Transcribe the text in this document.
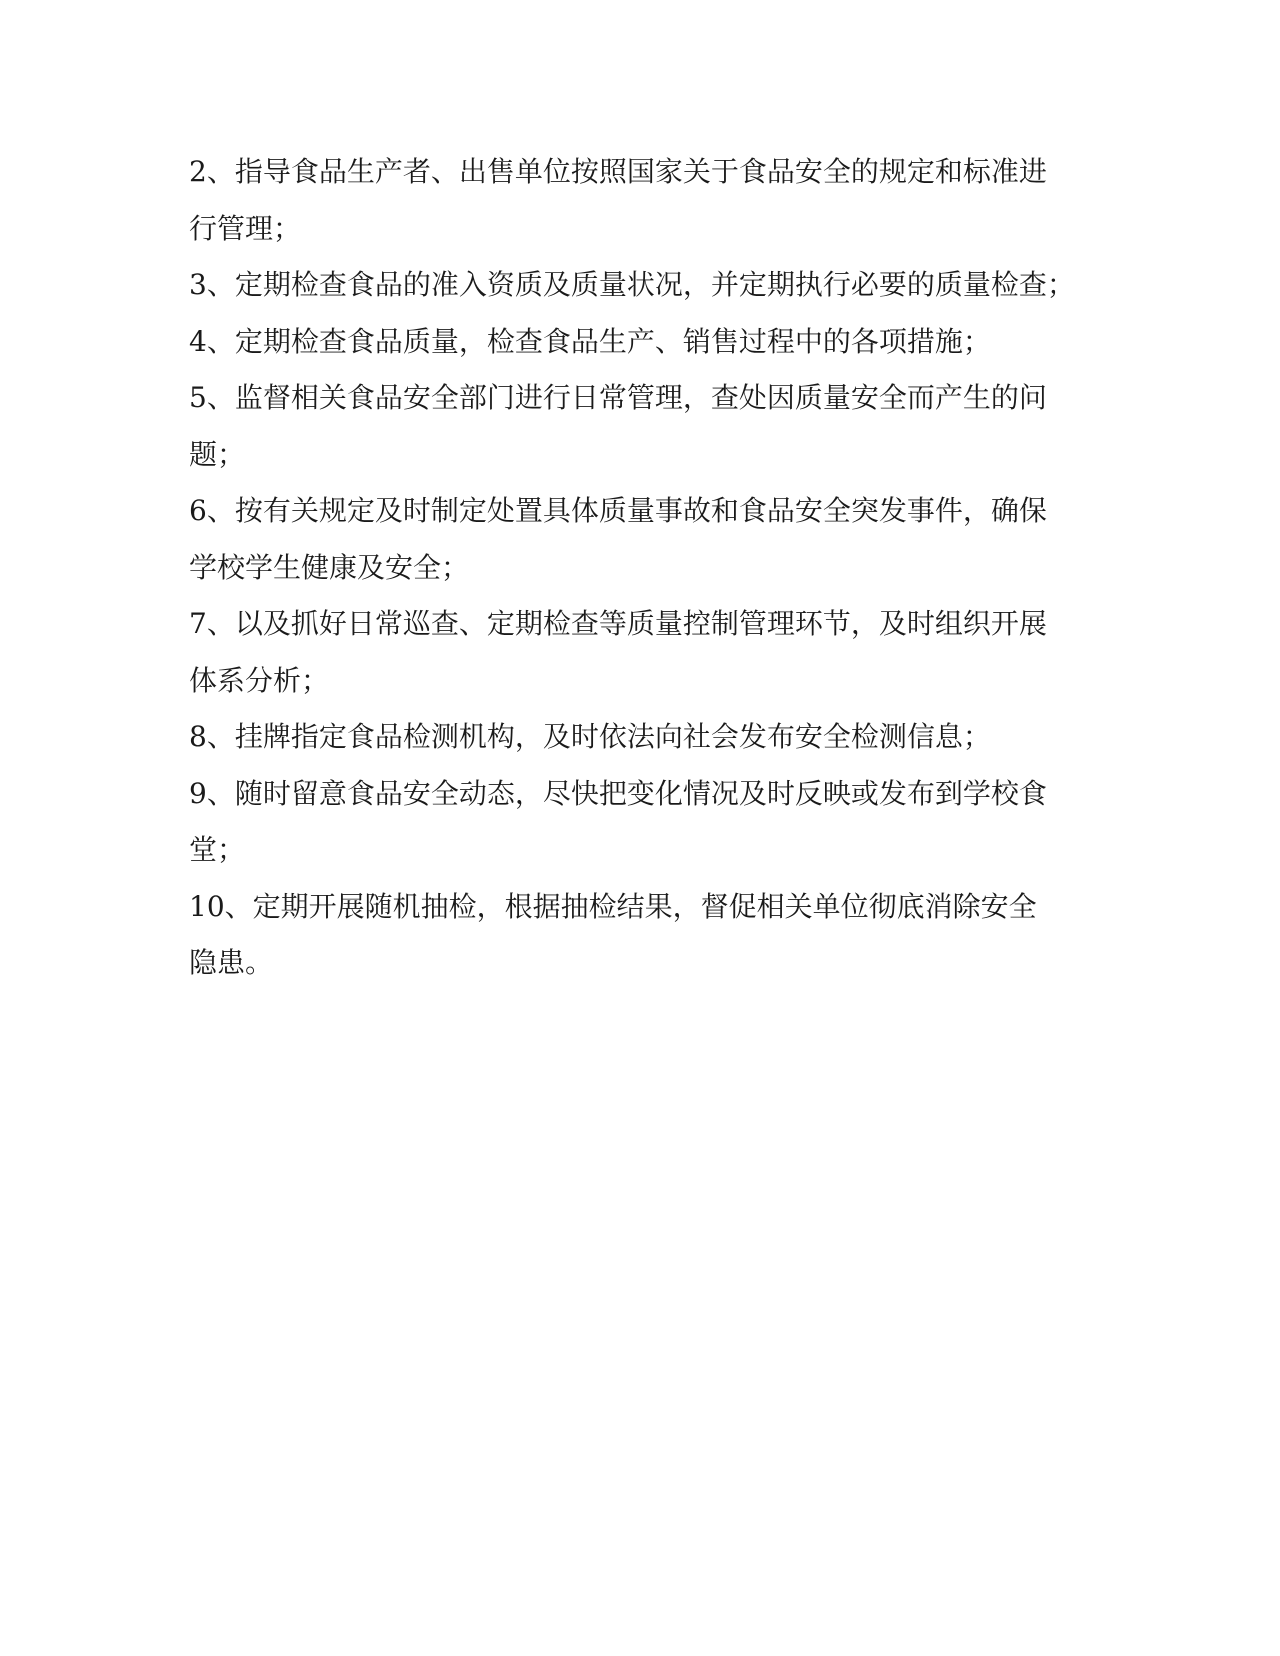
2、指导食品生产者、出售单位按照国家关于食品安全的规定和标准进
行管理；

3、定期检查食品的准入资质及质量状况，并定期执行必要的质量检查；

4、定期检查食品质量，检查食品生产、销售过程中的各项措施；

5、监督相关食品安全部门进行日常管理，查处因质量安全而产生的问
题；

6、按有关规定及时制定处置具体质量事故和食品安全突发事件，确保
学校学生健康及安全；

7、以及抓好日常巡查、定期检查等质量控制管理环节，及时组织开展
体系分析；

8、挂牌指定食品检测机构，及时依法向社会发布安全检测信息；

9、随时留意食品安全动态，尽快把变化情况及时反映或发布到学校食
堂；

10、定期开展随机抽检，根据抽检结果，督促相关单位彻底消除安全
隐患。
